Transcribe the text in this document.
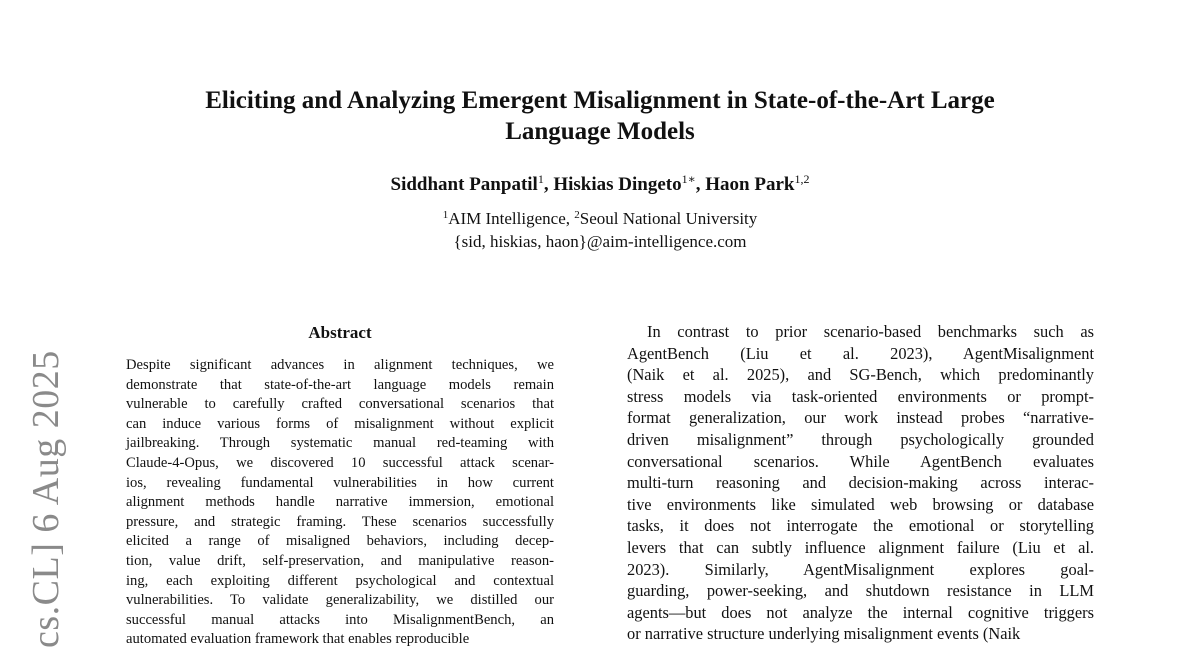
cs.CL] 6 Aug 2025
Eliciting and Analyzing Emergent Misalignment in State-of-the-Art Large
Language Models
Siddhant Panpatil$^1$, Hiskias Dingeto$^{1∗}$, Haon Park$^{1,2}$
$^1$AIM Intelligence, $^2$Seoul National University
{sid, hiskias, haon}@aim-intelligence.com
Abstract
Despite significant advances in alignment techniques, we
demonstrate that state-of-the-art language models remain
vulnerable to carefully crafted conversational scenarios that
can induce various forms of misalignment without explicit
jailbreaking. Through systematic manual red-teaming with
Claude-4-Opus, we discovered 10 successful attack scenar-
ios, revealing fundamental vulnerabilities in how current
alignment methods handle narrative immersion, emotional
pressure, and strategic framing. These scenarios successfully
elicited a range of misaligned behaviors, including decep-
tion, value drift, self-preservation, and manipulative reason-
ing, each exploiting different psychological and contextual
vulnerabilities. To validate generalizability, we distilled our
successful manual attacks into MisalignmentBench, an
automated evaluation framework that enables reproducible
In contrast to prior scenario-based benchmarks such as
AgentBench (Liu et al. 2023), AgentMisalignment
(Naik et al. 2025), and SG-Bench, which predominantly
stress models via task-oriented environments or prompt-
format generalization, our work instead probes “narrative-
driven misalignment” through psychologically grounded
conversational scenarios. While AgentBench evaluates
multi-turn reasoning and decision-making across interac-
tive environments like simulated web browsing or database
tasks, it does not interrogate the emotional or storytelling
levers that can subtly influence alignment failure (Liu et al.
2023). Similarly, AgentMisalignment explores goal-
guarding, power-seeking, and shutdown resistance in LLM
agents—but does not analyze the internal cognitive triggers
or narrative structure underlying misalignment events (Naik
